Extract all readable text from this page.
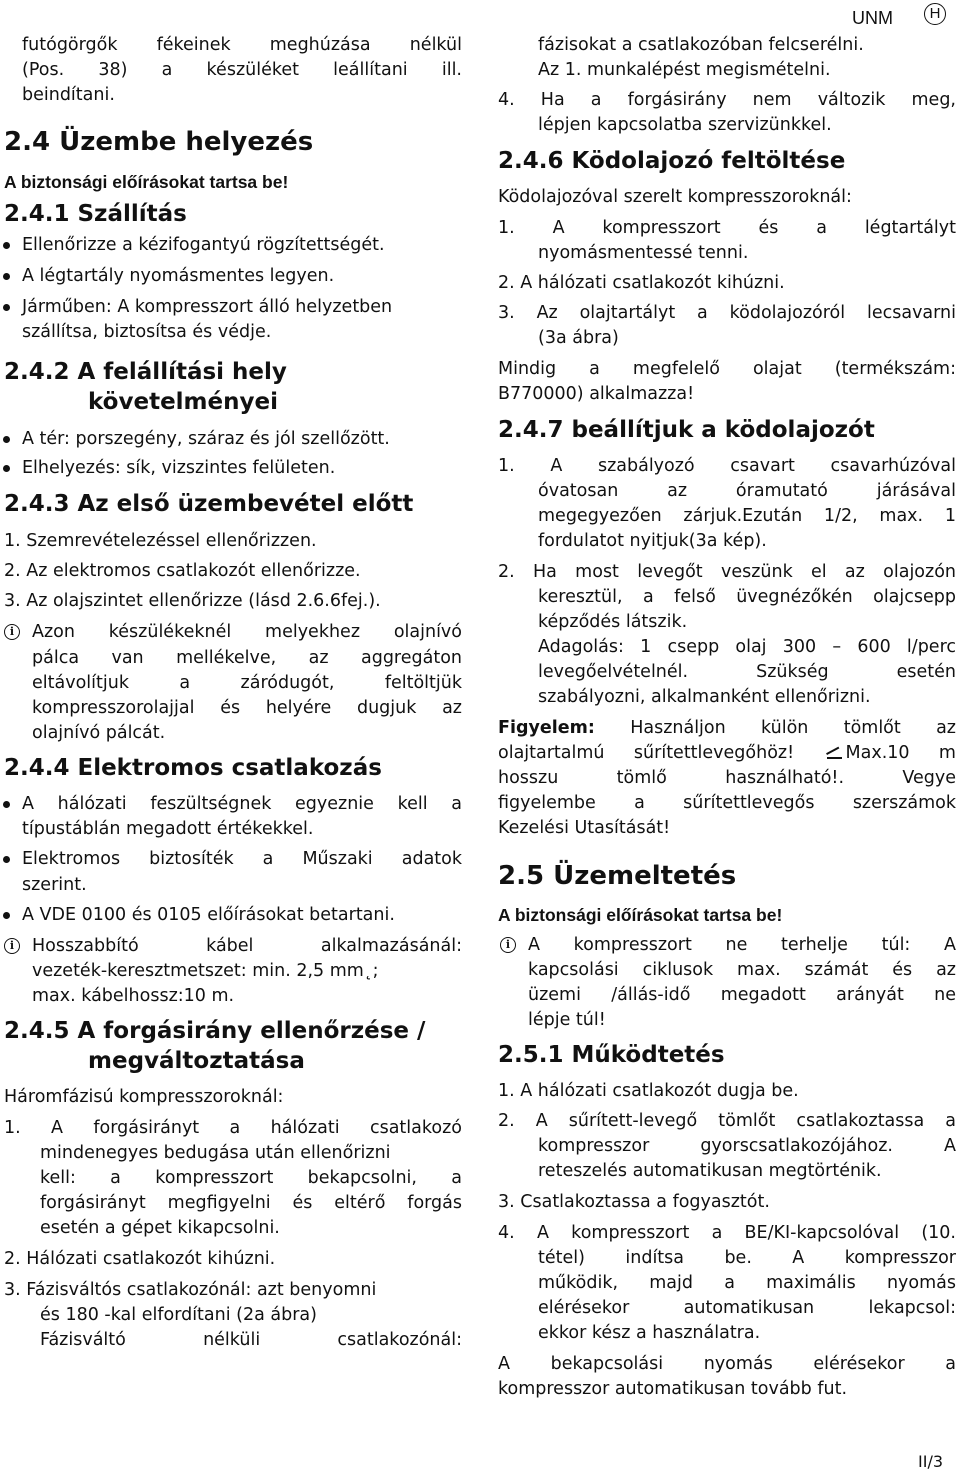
UNM	H
futógörgők fékeinek meghúzása nélkül
(Pos. 38) a készüléket leállítani ill.
beindítani.
2.4 Üzembe helyezés
A biztonsági előírásokat tartsa be!
2.4.1 Szállítás
Ellenőrizze a kézifogantyú rögzítettségét.
A légtartály nyomásmentes legyen.
Járműben: A kompresszort álló helyzetben
szállítsa, biztosítsa és védje.
2.4.2 A felállítási hely
követelményei
A tér: porszegény, száraz és jól szellőzött.
Elhelyezés: sík, vizszintes felületen.
2.4.3 Az első üzembevétel előtt
1. Szemrevételezéssel ellenőrizzen.
2. Az elektromos csatlakozót ellenőrizze.
3. Az olajszintet ellenőrizze (lásd 2.6.6fej.).
i	Azon készülékeknél melyekhez olajnívó
pálca van mellékelve, az aggregáton
eltávolítjuk a záródugót, feltöltjük
kompresszorolajjal és helyére dugjuk az
olajnívó pálcát.
2.4.4 Elektromos csatlakozás
A hálózati feszültségnek egyeznie kell a
típustáblán megadott értékekkel.
Elektromos biztosíték a Műszaki adatok
szerint.
A VDE 0100 és 0105 előírásokat betartani.
i	Hosszabbító kábel alkalmazásánál:
vezeték-keresztmetszet: min. 2,5 mm˛;
max. kábelhossz:10 m.
2.4.5 A forgásirány ellenőrzése /
megváltoztatása
Háromfázisú kompresszoroknál:
1. A forgásirányt a hálózati csatlakozó
mindenegyes bedugása után ellenőrizni
kell: a kompresszort bekapcsolni, a
forgásirányt megfigyelni és eltérő forgás
esetén a gépet kikapcsolni.
2. Hálózati csatlakozót kihúzni.
3. Fázisváltós csatlakozónál: azt benyomni
és 180 -kal elfordítani (2a ábra)
Fázisváltó nélküli csatlakozónál:
fázisokat a csatlakozóban felcserélni.
Az 1. munkalépést megismételni.
4. Ha a forgásirány nem változik meg,
lépjen kapcsolatba szervizünkkel.
2.4.6 Ködolajozó feltöltése
Ködolajozóval szerelt kompresszoroknál:
1. A kompresszort és a légtartályt
nyomásmentessé tenni.
2. A hálózati csatlakozót kihúzni.
3. Az olajtartályt a ködolajozóról lecsavarni
(3a ábra)
Mindig a megfelelő olajat (termékszám:
B770000) alkalmazza!
2.4.7 beállítjuk a ködolajozót
1. A szabályozó csavart csavarhúzóval
óvatosan az óramutató járásával
megegyezően zárjuk.Ezután 1/2, max. 1
fordulatot nyitjuk(3a kép).
2. Ha most levegőt veszünk el az olajozón
keresztül, a felső üvegnézőkén olajcsepp
képződés látszik.
Adagolás: 1 csepp olaj 300 – 600 l/perc
levegőelvételnél. Szükség esetén
szabályozni, alkalmanként ellenőrizni.
Figyelem: Használjon külön tömlőt az
olajtartalmú sűrítettlevegőhöz!	Max.10 m
hosszu tömlő használható!. Vegye
figyelembe a sűrítettlevegős szerszámok
Kezelési Utasítását!
2.5 Üzemeltetés
A biztonsági előírásokat tartsa be!
i	A kompresszort ne terhelje túl: A
kapcsolási ciklusok max. számát és az
üzemi /állás-idő megadott arányát ne
lépje túl!
2.5.1 Működtetés
1. A hálózati csatlakozót dugja be.
2. A sűrített-levegő tömlőt csatlakoztassa a
kompresszor gyorscsatlakozójához. A
reteszelés automatikusan megtörténik.
3. Csatlakoztassa a fogyasztót.
4. A kompresszort a BE/KI-kapcsolóval (10.
tétel) indítsa be. A kompresszor
működik, majd a maximális nyomás
elérésekor automatikusan lekapcsol:
ekkor kész a használatra.
A bekapcsolási nyomás elérésekor a
kompresszor automatikusan tovább fut.
II/3
